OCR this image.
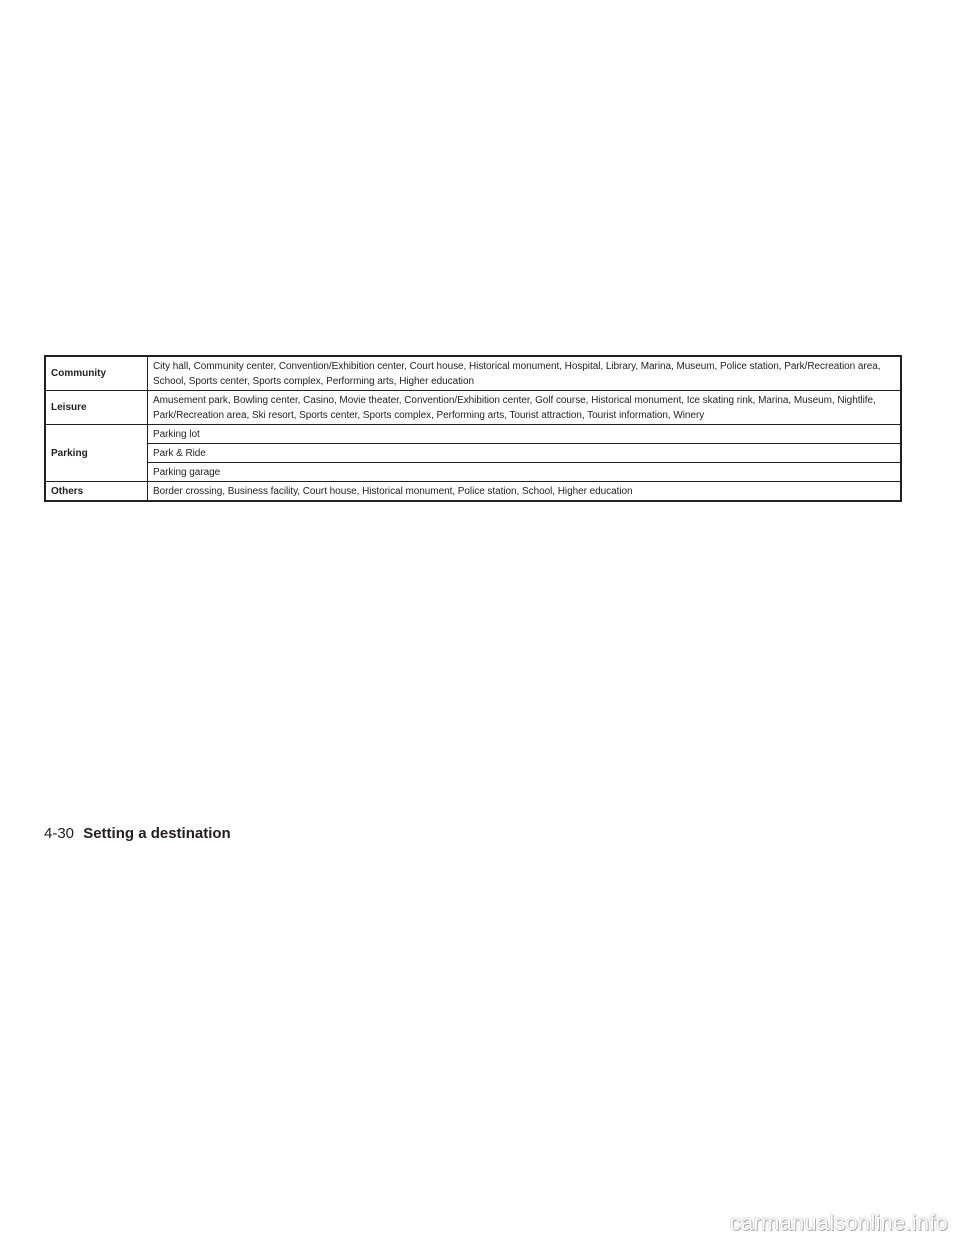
Community	City hall, Community center, Convention/Exhibition center, Court house, Historical monument, Hospital, Library, Marina, Museum, Police station, Park/Recreation area, School, Sports center, Sports complex, Performing arts, Higher education
Leisure	Amusement park, Bowling center, Casino, Movie theater, Convention/Exhibition center, Golf course, Historical monument, Ice skating rink, Marina, Museum, Nightlife, Park/Recreation area, Ski resort, Sports center, Sports complex, Performing arts, Tourist attraction, Tourist information, Winery
Parking	Parking lot
	Park & Ride
	Parking garage
Others	Border crossing, Business facility, Court house, Historical monument, Police station, School, Higher education
4-30 Setting a destination
carmanualsonline.info
